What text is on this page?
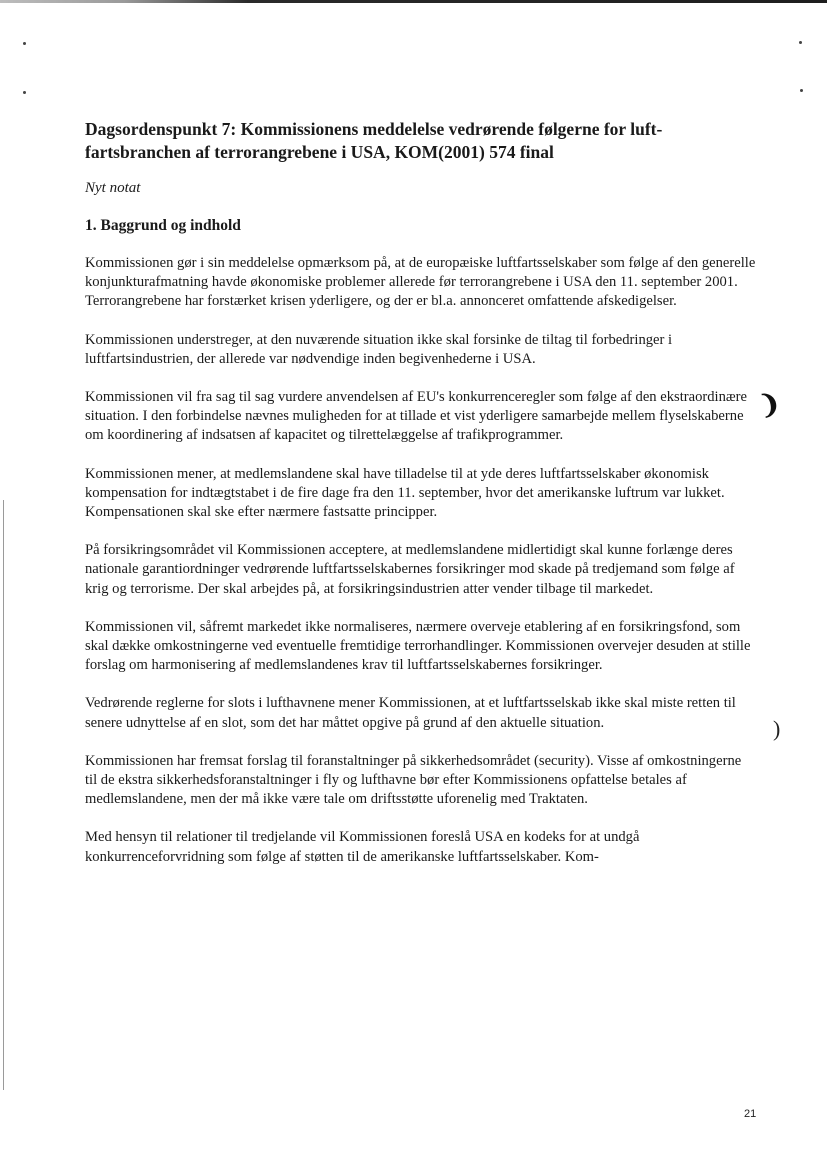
❩
)
Dagsordenspunkt 7: Kommissionens meddelelse vedrørende følgerne for luftfartsbranchen af terrorangrebene i USA, KOM(2001) 574 final
Nyt notat
1. Baggrund og indhold

Kommissionen gør i sin meddelelse opmærksom på, at de europæiske luftfartsselskaber som følge af den generelle konjunkturafmatning havde økonomiske problemer allerede før terrorangrebene i USA den 11. september 2001. Terrorangrebene har forstærket krisen yderligere, og der er bl.a. annonceret omfattende afskedigelser.

Kommissionen understreger, at den nuværende situation ikke skal forsinke de tiltag til forbedringer i luftfartsindustrien, der allerede var nødvendige inden begivenhederne i USA.

Kommissionen vil fra sag til sag vurdere anvendelsen af EU's konkurrenceregler som følge af den ekstraordinære situation. I den forbindelse nævnes muligheden for at tillade et vist yderligere samarbejde mellem flyselskaberne om koordinering af indsatsen af kapacitet og tilrettelæggelse af trafikprogrammer.

Kommissionen mener, at medlemslandene skal have tilladelse til at yde deres luftfartsselskaber økonomisk kompensation for indtægtstabet i de fire dage fra den 11. september, hvor det amerikanske luftrum var lukket. Kompensationen skal ske efter nærmere fastsatte principper.

På forsikringsområdet vil Kommissionen acceptere, at medlemslandene midlertidigt skal kunne forlænge deres nationale garantiordninger vedrørende luftfartsselskabernes forsikringer mod skade på tredjemand som følge af krig og terrorisme. Der skal arbejdes på, at forsikringsindustrien atter vender tilbage til markedet.

Kommissionen vil, såfremt markedet ikke normaliseres, nærmere overveje etablering af en forsikringsfond, som skal dække omkostningerne ved eventuelle fremtidige terrorhandlinger. Kommissionen overvejer desuden at stille forslag om harmonisering af medlemslandenes krav til luftfartsselskabernes forsikringer.

Vedrørende reglerne for slots i lufthavnene mener Kommissionen, at et luftfartsselskab ikke skal miste retten til senere udnyttelse af en slot, som det har måttet opgive på grund af den aktuelle situation.

Kommissionen har fremsat forslag til foranstaltninger på sikkerhedsområdet (security). Visse af omkostningerne til de ekstra sikkerhedsforanstaltninger i fly og lufthavne bør efter Kommissionens opfattelse betales af medlemslandene, men der må ikke være tale om driftsstøtte uforenelig med Traktaten.

Med hensyn til relationer til tredjelande vil Kommissionen foreslå USA en kodeks for at undgå konkurrenceforvridning som følge af støtten til de amerikanske luftfartsselskaber. Kom-

21
